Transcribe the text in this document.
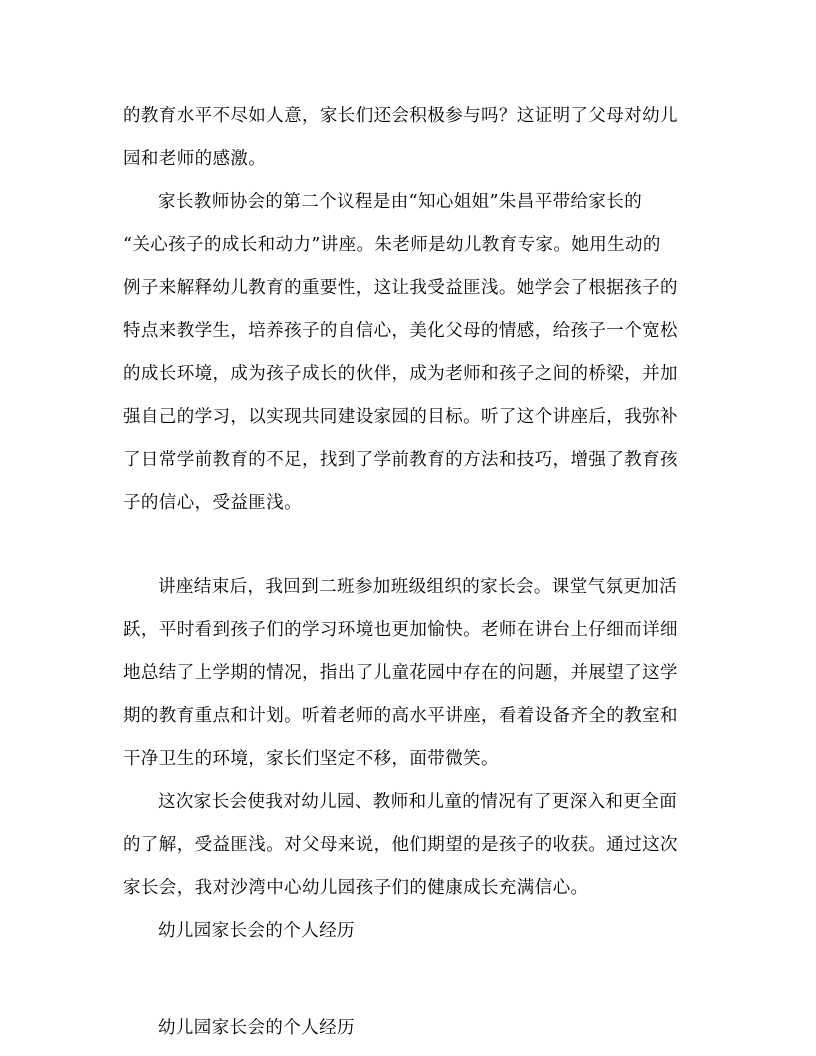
的教育水平不尽如人意，家长们还会积极参与吗？这证明了父母对幼儿
园和老师的感激。
家长教师协会的第二个议程是由“知心姐姐”朱昌平带给家长的
“关心孩子的成长和动力”讲座。朱老师是幼儿教育专家。她用生动的
例子来解释幼儿教育的重要性，这让我受益匪浅。她学会了根据孩子的
特点来教学生，培养孩子的自信心，美化父母的情感，给孩子一个宽松
的成长环境，成为孩子成长的伙伴，成为老师和孩子之间的桥梁，并加
强自己的学习，以实现共同建设家园的目标。听了这个讲座后，我弥补
了日常学前教育的不足，找到了学前教育的方法和技巧，增强了教育孩
子的信心，受益匪浅。
讲座结束后，我回到二班参加班级组织的家长会。课堂气氛更加活
跃，平时看到孩子们的学习环境也更加愉快。老师在讲台上仔细而详细
地总结了上学期的情况，指出了儿童花园中存在的问题，并展望了这学
期的教育重点和计划。听着老师的高水平讲座，看着设备齐全的教室和
干净卫生的环境，家长们坚定不移，面带微笑。
这次家长会使我对幼儿园、教师和儿童的情况有了更深入和更全面
的了解，受益匪浅。对父母来说，他们期望的是孩子的收获。通过这次
家长会，我对沙湾中心幼儿园孩子们的健康成长充满信心。
幼儿园家长会的个人经历
幼儿园家长会的个人经历
